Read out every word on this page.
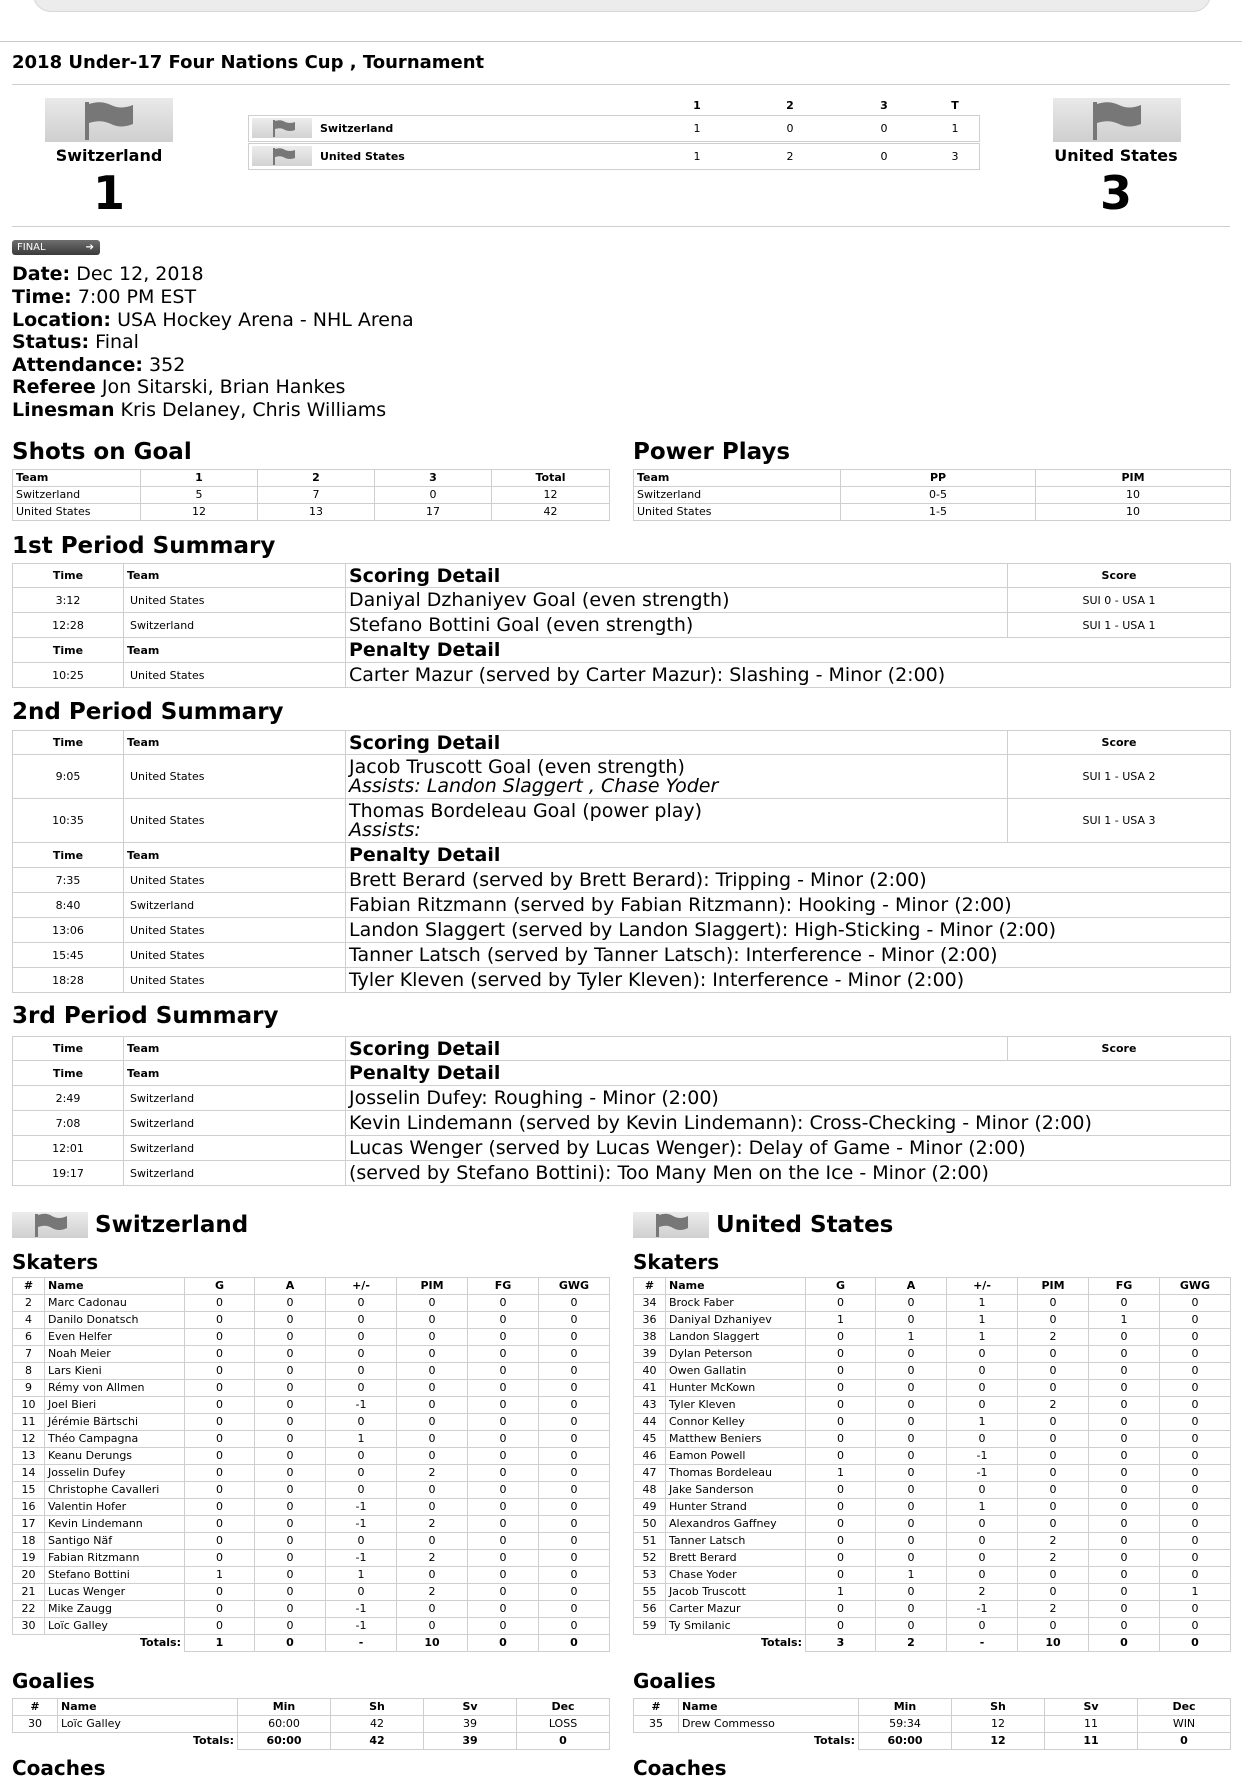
2018 Under-17 Four Nations Cup , Tournament
Switzerland
1
United States
3
1	2	3	T
Switzerland	1	0	0	1
United States	1	2	0	3
FINAL	➔
Date: Dec 12, 2018
Time: 7:00 PM EST
Location: USA Hockey Arena - NHL Arena
Status: Final
Attendance: 352
Referee Jon Sitarski, Brian Hankes
Linesman Kris Delaney, Chris Williams
Shots on Goal
Team	1	2	3	Total
Switzerland	5	7	0	12
United States	12	13	17	42
Power Plays
Team	PP	PIM
Switzerland	0-5	10
United States	1-5	10
1st Period Summary
Time	Team	Scoring Detail	Score
3:12	United States	Daniyal Dzhaniyev Goal (even strength)	SUI 0 - USA 1
12:28	Switzerland	Stefano Bottini Goal (even strength)	SUI 1 - USA 1
Time	Team	Penalty Detail	
10:25	United States	Carter Mazur (served by Carter Mazur): Slashing - Minor (2:00)	
2nd Period Summary
Time	Team	Scoring Detail	Score
9:05	United States	Jacob Truscott Goal (even strength)
Assists: Landon Slaggert , Chase Yoder	SUI 1 - USA 2
10:35	United States	Thomas Bordeleau Goal (power play)
Assists:	SUI 1 - USA 3
Time	Team	Penalty Detail	
7:35	United States	Brett Berard (served by Brett Berard): Tripping - Minor (2:00)	
8:40	Switzerland	Fabian Ritzmann (served by Fabian Ritzmann): Hooking - Minor (2:00)	
13:06	United States	Landon Slaggert (served by Landon Slaggert): High-Sticking - Minor (2:00)	
15:45	United States	Tanner Latsch (served by Tanner Latsch): Interference - Minor (2:00)	
18:28	United States	Tyler Kleven (served by Tyler Kleven): Interference - Minor (2:00)	
3rd Period Summary
Time	Team	Scoring Detail	Score
Time	Team	Penalty Detail	
2:49	Switzerland	Josselin Dufey: Roughing - Minor (2:00)	
7:08	Switzerland	Kevin Lindemann (served by Kevin Lindemann): Cross-Checking - Minor (2:00)	
12:01	Switzerland	Lucas Wenger (served by Lucas Wenger): Delay of Game - Minor (2:00)	
19:17	Switzerland	(served by Stefano Bottini): Too Many Men on the Ice - Minor (2:00)	
Switzerland
Skaters
#	Name	G	A	+/-	PIM	FG	GWG
2	Marc Cadonau	0	0	0	0	0	0
4	Danilo Donatsch	0	0	0	0	0	0
6	Even Helfer	0	0	0	0	0	0
7	Noah Meier	0	0	0	0	0	0
8	Lars Kieni	0	0	0	0	0	0
9	Rémy von Allmen	0	0	0	0	0	0
10	Joel Bieri	0	0	-1	0	0	0
11	Jérémie Bärtschi	0	0	0	0	0	0
12	Théo Campagna	0	0	1	0	0	0
13	Keanu Derungs	0	0	0	0	0	0
14	Josselin Dufey	0	0	0	2	0	0
15	Christophe Cavalleri	0	0	0	0	0	0
16	Valentin Hofer	0	0	-1	0	0	0
17	Kevin Lindemann	0	0	-1	2	0	0
18	Santigo Näf	0	0	0	0	0	0
19	Fabian Ritzmann	0	0	-1	2	0	0
20	Stefano Bottini	1	0	1	0	0	0
21	Lucas Wenger	0	0	0	2	0	0
22	Mike Zaugg	0	0	-1	0	0	0
30	Loïc Galley	0	0	-1	0	0	0
	Totals:	1	0	-	10	0	0
Goalies
#	Name	Min	Sh	Sv	Dec
30	Loïc Galley	60:00	42	39	LOSS
	Totals:	60:00	42	39	0
Coaches
United States
Skaters
#	Name	G	A	+/-	PIM	FG	GWG
34	Brock Faber	0	0	1	0	0	0
36	Daniyal Dzhaniyev	1	0	1	0	1	0
38	Landon Slaggert	0	1	1	2	0	0
39	Dylan Peterson	0	0	0	0	0	0
40	Owen Gallatin	0	0	0	0	0	0
41	Hunter McKown	0	0	0	0	0	0
43	Tyler Kleven	0	0	0	2	0	0
44	Connor Kelley	0	0	1	0	0	0
45	Matthew Beniers	0	0	0	0	0	0
46	Eamon Powell	0	0	-1	0	0	0
47	Thomas Bordeleau	1	0	-1	0	0	0
48	Jake Sanderson	0	0	0	0	0	0
49	Hunter Strand	0	0	1	0	0	0
50	Alexandros Gaffney	0	0	0	0	0	0
51	Tanner Latsch	0	0	0	2	0	0
52	Brett Berard	0	0	0	2	0	0
53	Chase Yoder	0	1	0	0	0	0
55	Jacob Truscott	1	0	2	0	0	1
56	Carter Mazur	0	0	-1	2	0	0
59	Ty Smilanic	0	0	0	0	0	0
	Totals:	3	2	-	10	0	0
Goalies
#	Name	Min	Sh	Sv	Dec
35	Drew Commesso	59:34	12	11	WIN
	Totals:	60:00	12	11	0
Coaches
